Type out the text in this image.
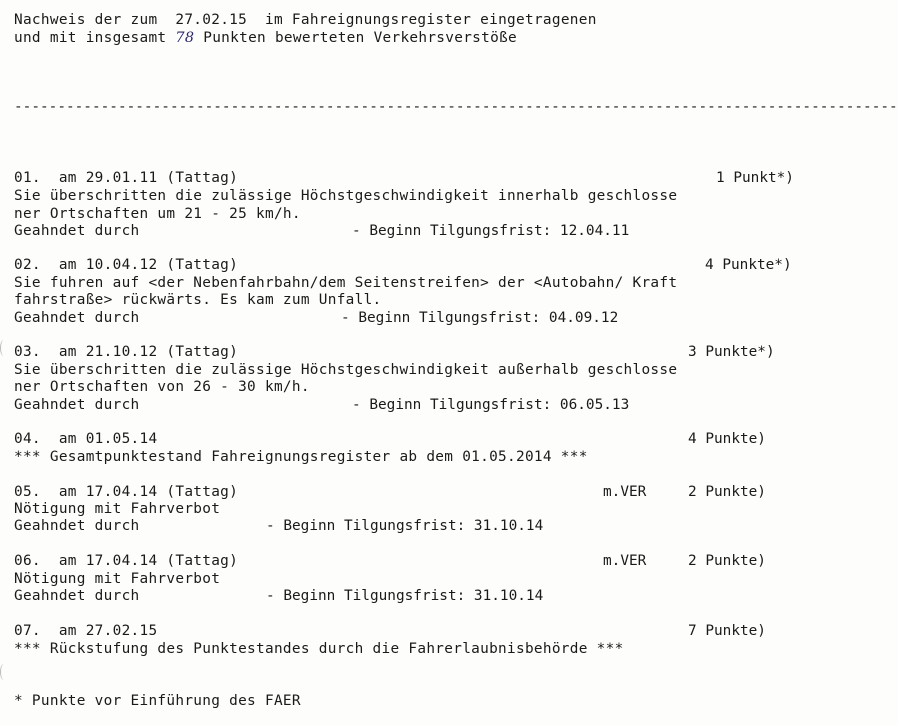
Nachweis der zum 27.02.15 im Fahreignungsregister eingetragenen
und mit insgesamt 78 Punkten bewerteten Verkehrsverstöße
------------------------------------------------------------------------------------------------------
01.  am 29.01.11 (Tattag)	1 Punkt*)
Sie überschritten die zulässige Höchstgeschwindigkeit innerhalb geschlosse
ner Ortschaften um 21 - 25 km/h.
Geahndet durch	- Beginn Tilgungsfrist: 12.04.11
02.  am 10.04.12 (Tattag)	4 Punkte*)
Sie fuhren auf <der Nebenfahrbahn/dem Seitenstreifen> der <Autobahn/ Kraft
fahrstraße> rückwärts. Es kam zum Unfall.
Geahndet durch	- Beginn Tilgungsfrist: 04.09.12
03.  am 21.10.12 (Tattag)	3 Punkte*)
Sie überschritten die zulässige Höchstgeschwindigkeit außerhalb geschlosse
ner Ortschaften von 26 - 30 km/h.
Geahndet durch	- Beginn Tilgungsfrist: 06.05.13
04.  am 01.05.14	4 Punkte)
*** Gesamtpunktestand Fahreignungsregister ab dem 01.05.2014 ***
05.  am 17.04.14 (Tattag)	m.VER	2 Punkte)
Nötigung mit Fahrverbot
Geahndet durch	- Beginn Tilgungsfrist: 31.10.14
06.  am 17.04.14 (Tattag)	m.VER	2 Punkte)
Nötigung mit Fahrverbot
Geahndet durch	- Beginn Tilgungsfrist: 31.10.14
07.  am 27.02.15	7 Punkte)
*** Rückstufung des Punktestandes durch die Fahrerlaubnisbehörde ***
* Punkte vor Einführung des FAER
